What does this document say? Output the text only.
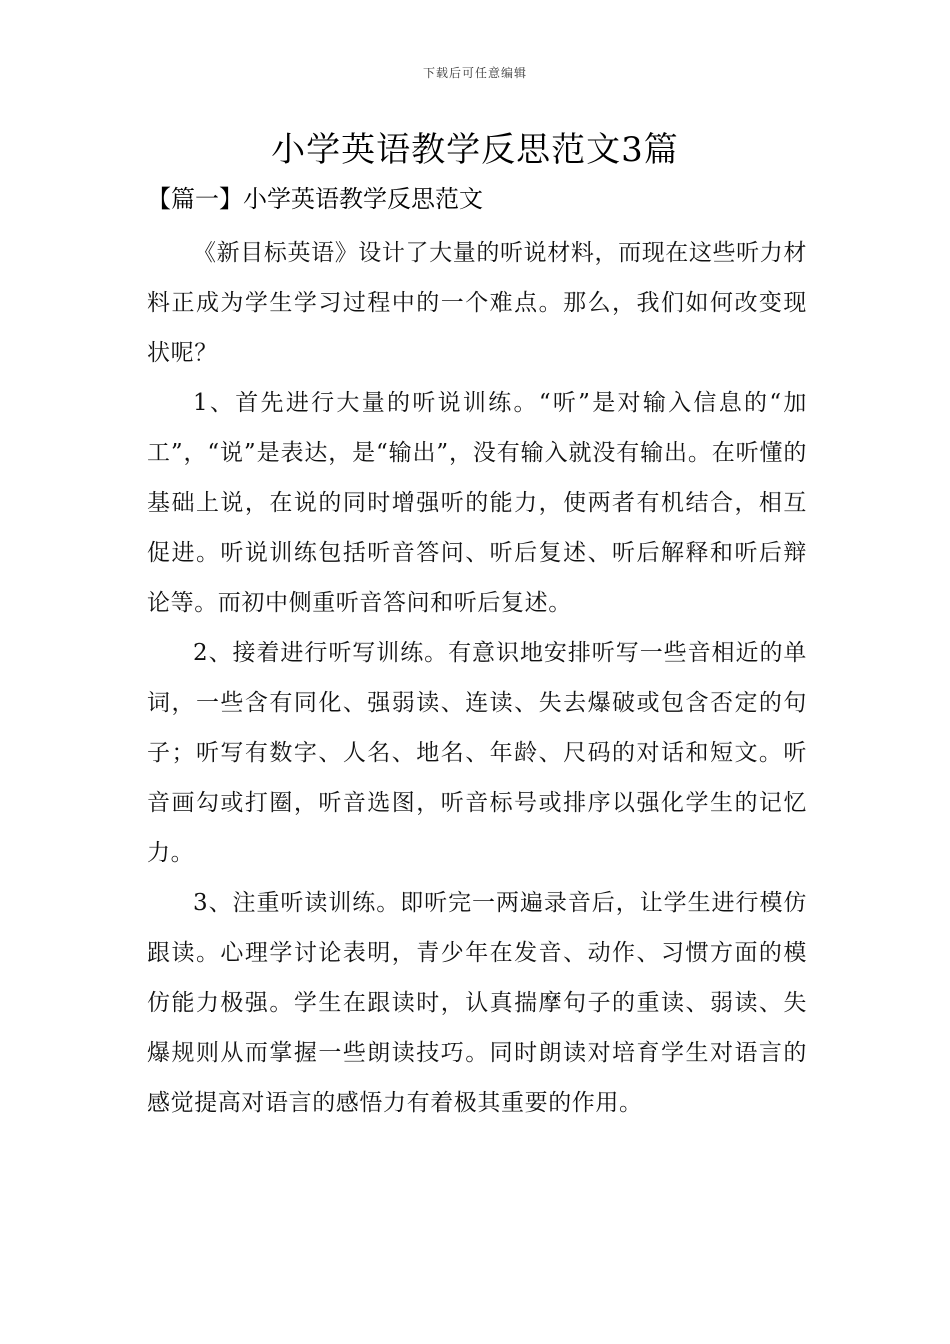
下载后可任意编辑
小学英语教学反思范文3篇
【篇一】小学英语教学反思范文

《新目标英语》设计了大量的听说材料，而现在这些听力材料正成为学生学习过程中的一个难点。那么，我们如何改变现状呢？

1、首先进行大量的听说训练。“听”是对输入信息的“加工”，“说”是表达，是“输出”，没有输入就没有输出。在听懂的基础上说，在说的同时增强听的能力，使两者有机结合，相互促进。听说训练包括听音答问、听后复述、听后解释和听后辩论等。而初中侧重听音答问和听后复述。

2、接着进行听写训练。有意识地安排听写一些音相近的单词，一些含有同化、强弱读、连读、失去爆破或包含否定的句子；听写有数字、人名、地名、年龄、尺码的对话和短文。听音画勾或打圈，听音选图，听音标号或排序以强化学生的记忆力。

3、注重听读训练。即听完一两遍录音后，让学生进行模仿跟读。心理学讨论表明，青少年在发音、动作、习惯方面的模仿能力极强。学生在跟读时，认真揣摩句子的重读、弱读、失爆规则从而掌握一些朗读技巧。同时朗读对培育学生对语言的感觉提高对语言的感悟力有着极其重要的作用。
